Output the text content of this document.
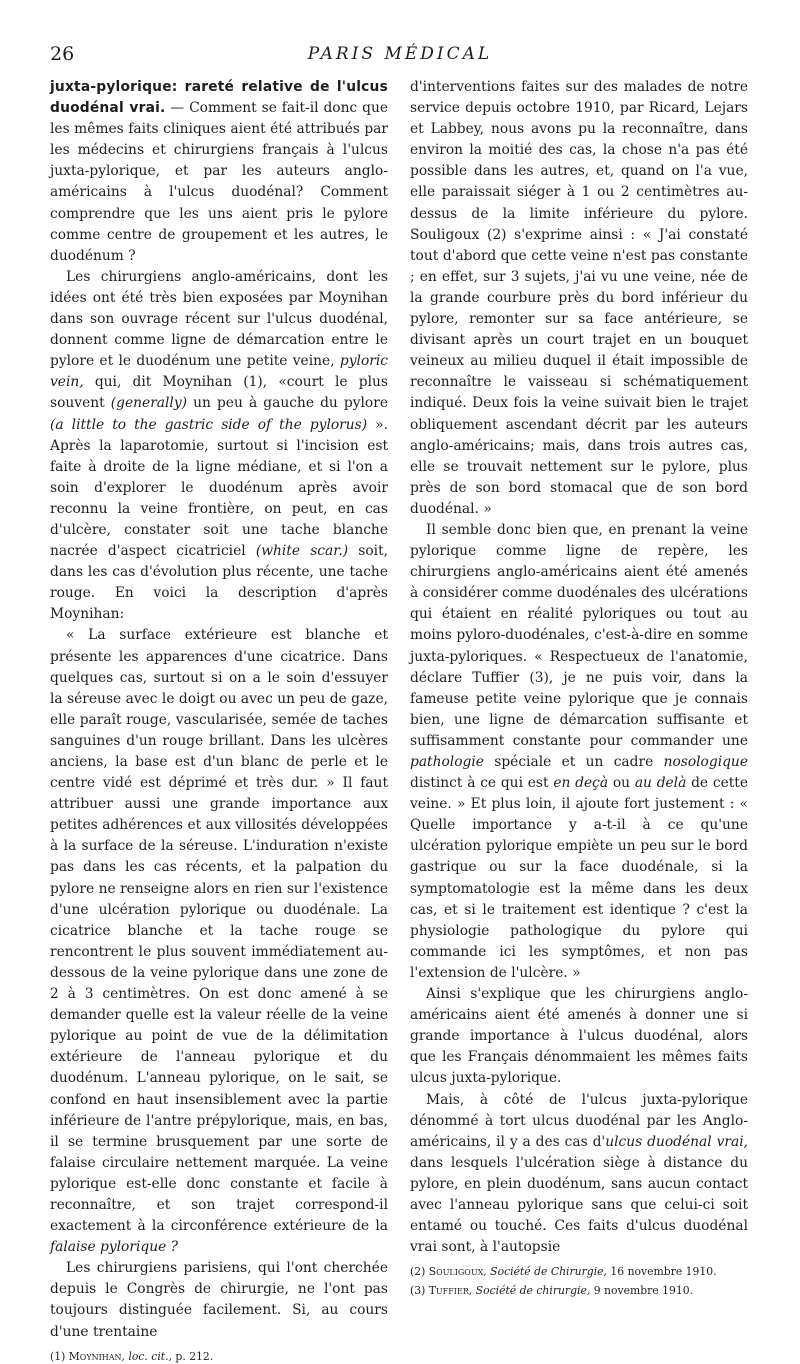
26	PARIS MÉDICAL

juxta-pylorique: rareté relative de l'ulcus duodénal vrai. — Comment se fait-il donc que les mêmes faits cliniques aient été attribués par les médecins et chirurgiens français à l'ulcus juxta-pylorique, et par les auteurs anglo-américains à l'ulcus duodénal? Comment comprendre que les uns aient pris le pylore comme centre de groupement et les autres, le duodénum ?

Les chirurgiens anglo-américains, dont les idées ont été très bien exposées par Moynihan dans son ouvrage récent sur l'ulcus duodénal, donnent comme ligne de démarcation entre le pylore et le duodénum une petite veine, pyloric vein, qui, dit Moynihan (1), «court le plus souvent (generally) un peu à gauche du pylore (a little to the gastric side of the pylorus) ». Après la laparotomie, surtout si l'incision est faite à droite de la ligne médiane, et si l'on a soin d'explorer le duodénum après avoir reconnu la veine frontière, on peut, en cas d'ulcère, constater soit une tache blanche nacrée d'aspect cicatriciel (white scar.) soit, dans les cas d'évolution plus récente, une tache rouge. En voici la description d'après Moynihan:

« La surface extérieure est blanche et présente les apparences d'une cicatrice. Dans quelques cas, surtout si on a le soin d'essuyer la séreuse avec le doigt ou avec un peu de gaze, elle paraît rouge, vascularisée, semée de taches sanguines d'un rouge brillant. Dans les ulcères anciens, la base est d'un blanc de perle et le centre vidé est déprimé et très dur. » Il faut attribuer aussi une grande importance aux petites adhérences et aux villosités développées à la surface de la séreuse. L'induration n'existe pas dans les cas récents, et la palpation du pylore ne renseigne alors en rien sur l'existence d'une ulcération pylorique ou duodénale. La cicatrice blanche et la tache rouge se rencontrent le plus souvent immédiatement au-dessous de la veine pylorique dans une zone de 2 à 3 centimètres. On est donc amené à se demander quelle est la valeur réelle de la veine pylorique au point de vue de la délimitation extérieure de l'anneau pylorique et du duodénum. L'anneau pylorique, on le sait, se confond en haut insensiblement avec la partie inférieure de l'antre prépylorique, mais, en bas, il se termine brusquement par une sorte de falaise circulaire nettement marquée. La veine pylorique est-elle donc constante et facile à reconnaître, et son trajet correspond-il exactement à la circonférence extérieure de la falaise pylorique ?

Les chirurgiens parisiens, qui l'ont cherchée depuis le Congrès de chirurgie, ne l'ont pas toujours distinguée facilement. Si, au cours d'une trentaine

(1) Moynihan, loc. cit., p. 212.

d'interventions faites sur des malades de notre service depuis octobre 1910, par Ricard, Lejars et Labbey, nous avons pu la reconnaître, dans environ la moitié des cas, la chose n'a pas été possible dans les autres, et, quand on l'a vue, elle paraissait siéger à 1 ou 2 centimètres au-dessus de la limite inférieure du pylore. Souligoux (2) s'exprime ainsi : « J'ai constaté tout d'abord que cette veine n'est pas constante ; en effet, sur 3 sujets, j'ai vu une veine, née de la grande courbure près du bord inférieur du pylore, remonter sur sa face antérieure, se divisant après un court trajet en un bouquet veineux au milieu duquel il était impossible de reconnaître le vaisseau si schématiquement indiqué. Deux fois la veine suivait bien le trajet obliquement ascendant décrit par les auteurs anglo-américains; mais, dans trois autres cas, elle se trouvait nettement sur le pylore, plus près de son bord stomacal que de son bord duodénal. »

Il semble donc bien que, en prenant la veine pylorique comme ligne de repère, les chirurgiens anglo-américains aient été amenés à considérer comme duodénales des ulcérations qui étaient en réalité pyloriques ou tout au moins pyloro-duodénales, c'est-à-dire en somme juxta-pyloriques. « Respectueux de l'anatomie, déclare Tuffier (3), je ne puis voir, dans la fameuse petite veine pylorique que je connais bien, une ligne de démarcation suffisante et suffisamment constante pour commander une pathologie spéciale et un cadre nosologique distinct à ce qui est en deçà ou au delà de cette veine. » Et plus loin, il ajoute fort justement : « Quelle importance y a-t-il à ce qu'une ulcération pylorique empiète un peu sur le bord gastrique ou sur la face duodénale, si la symptomatologie est la même dans les deux cas, et si le traitement est identique ? c'est la physiologie pathologique du pylore qui commande ici les symptômes, et non pas l'extension de l'ulcère. »

Ainsi s'explique que les chirurgiens anglo-américains aient été amenés à donner une si grande importance à l'ulcus duodénal, alors que les Français dénommaient les mêmes faits ulcus juxta-pylorique.

Mais, à côté de l'ulcus juxta-pylorique dénommé à tort ulcus duodénal par les Anglo-américains, il y a des cas d'ulcus duodénal vrai, dans lesquels l'ulcération siège à distance du pylore, en plein duodénum, sans aucun contact avec l'anneau pylorique sans que celui-ci soit entamé ou touché. Ces faits d'ulcus duodénal vrai sont, à l'autopsie

(2) Souligoux, Société de Chirurgie, 16 novembre 1910.

(3) Tuffier, Société de chirurgie, 9 novembre 1910.
